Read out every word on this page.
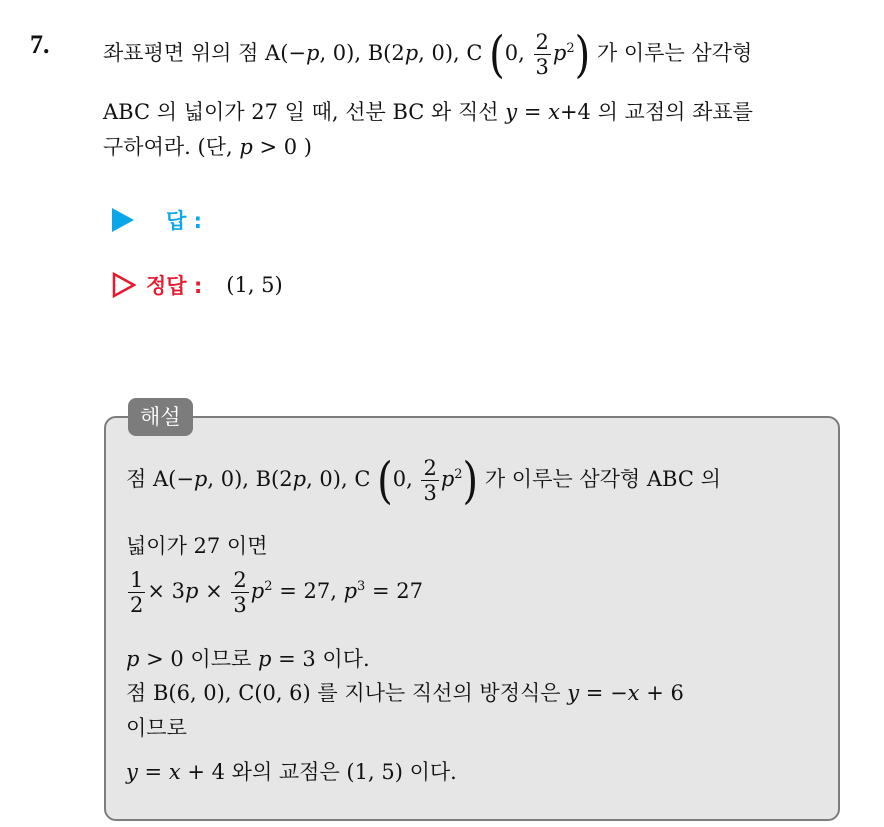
7.	좌표평면 위의 점 A(−p, 0), B(2p, 0), C (0, $\frac{2}{3} p^2$) 가 이루는 삼각형
ABC 의 넓이가 27 일 때, 선분 BC 와 직선 y = x+4 의 교점의 좌표를
구하여라. (단, p > 0 )
답 :
정답 : (1, 5)
해설
점 A(−p, 0), B(2p, 0), C (0, $\frac{2}{3} p^2$) 가 이루는 삼각형 ABC 의
넓이가 27 이면
$\frac{1}{2} \times 3p \times \frac{2}{3} p^2 = 27$, $p^3 = 27$
p > 0 이므로 p = 3 이다.
점 B(6, 0), C(0, 6) 를 지나는 직선의 방정식은 y = −x + 6
이므로
y = x + 4 와의 교점은 (1, 5) 이다.
